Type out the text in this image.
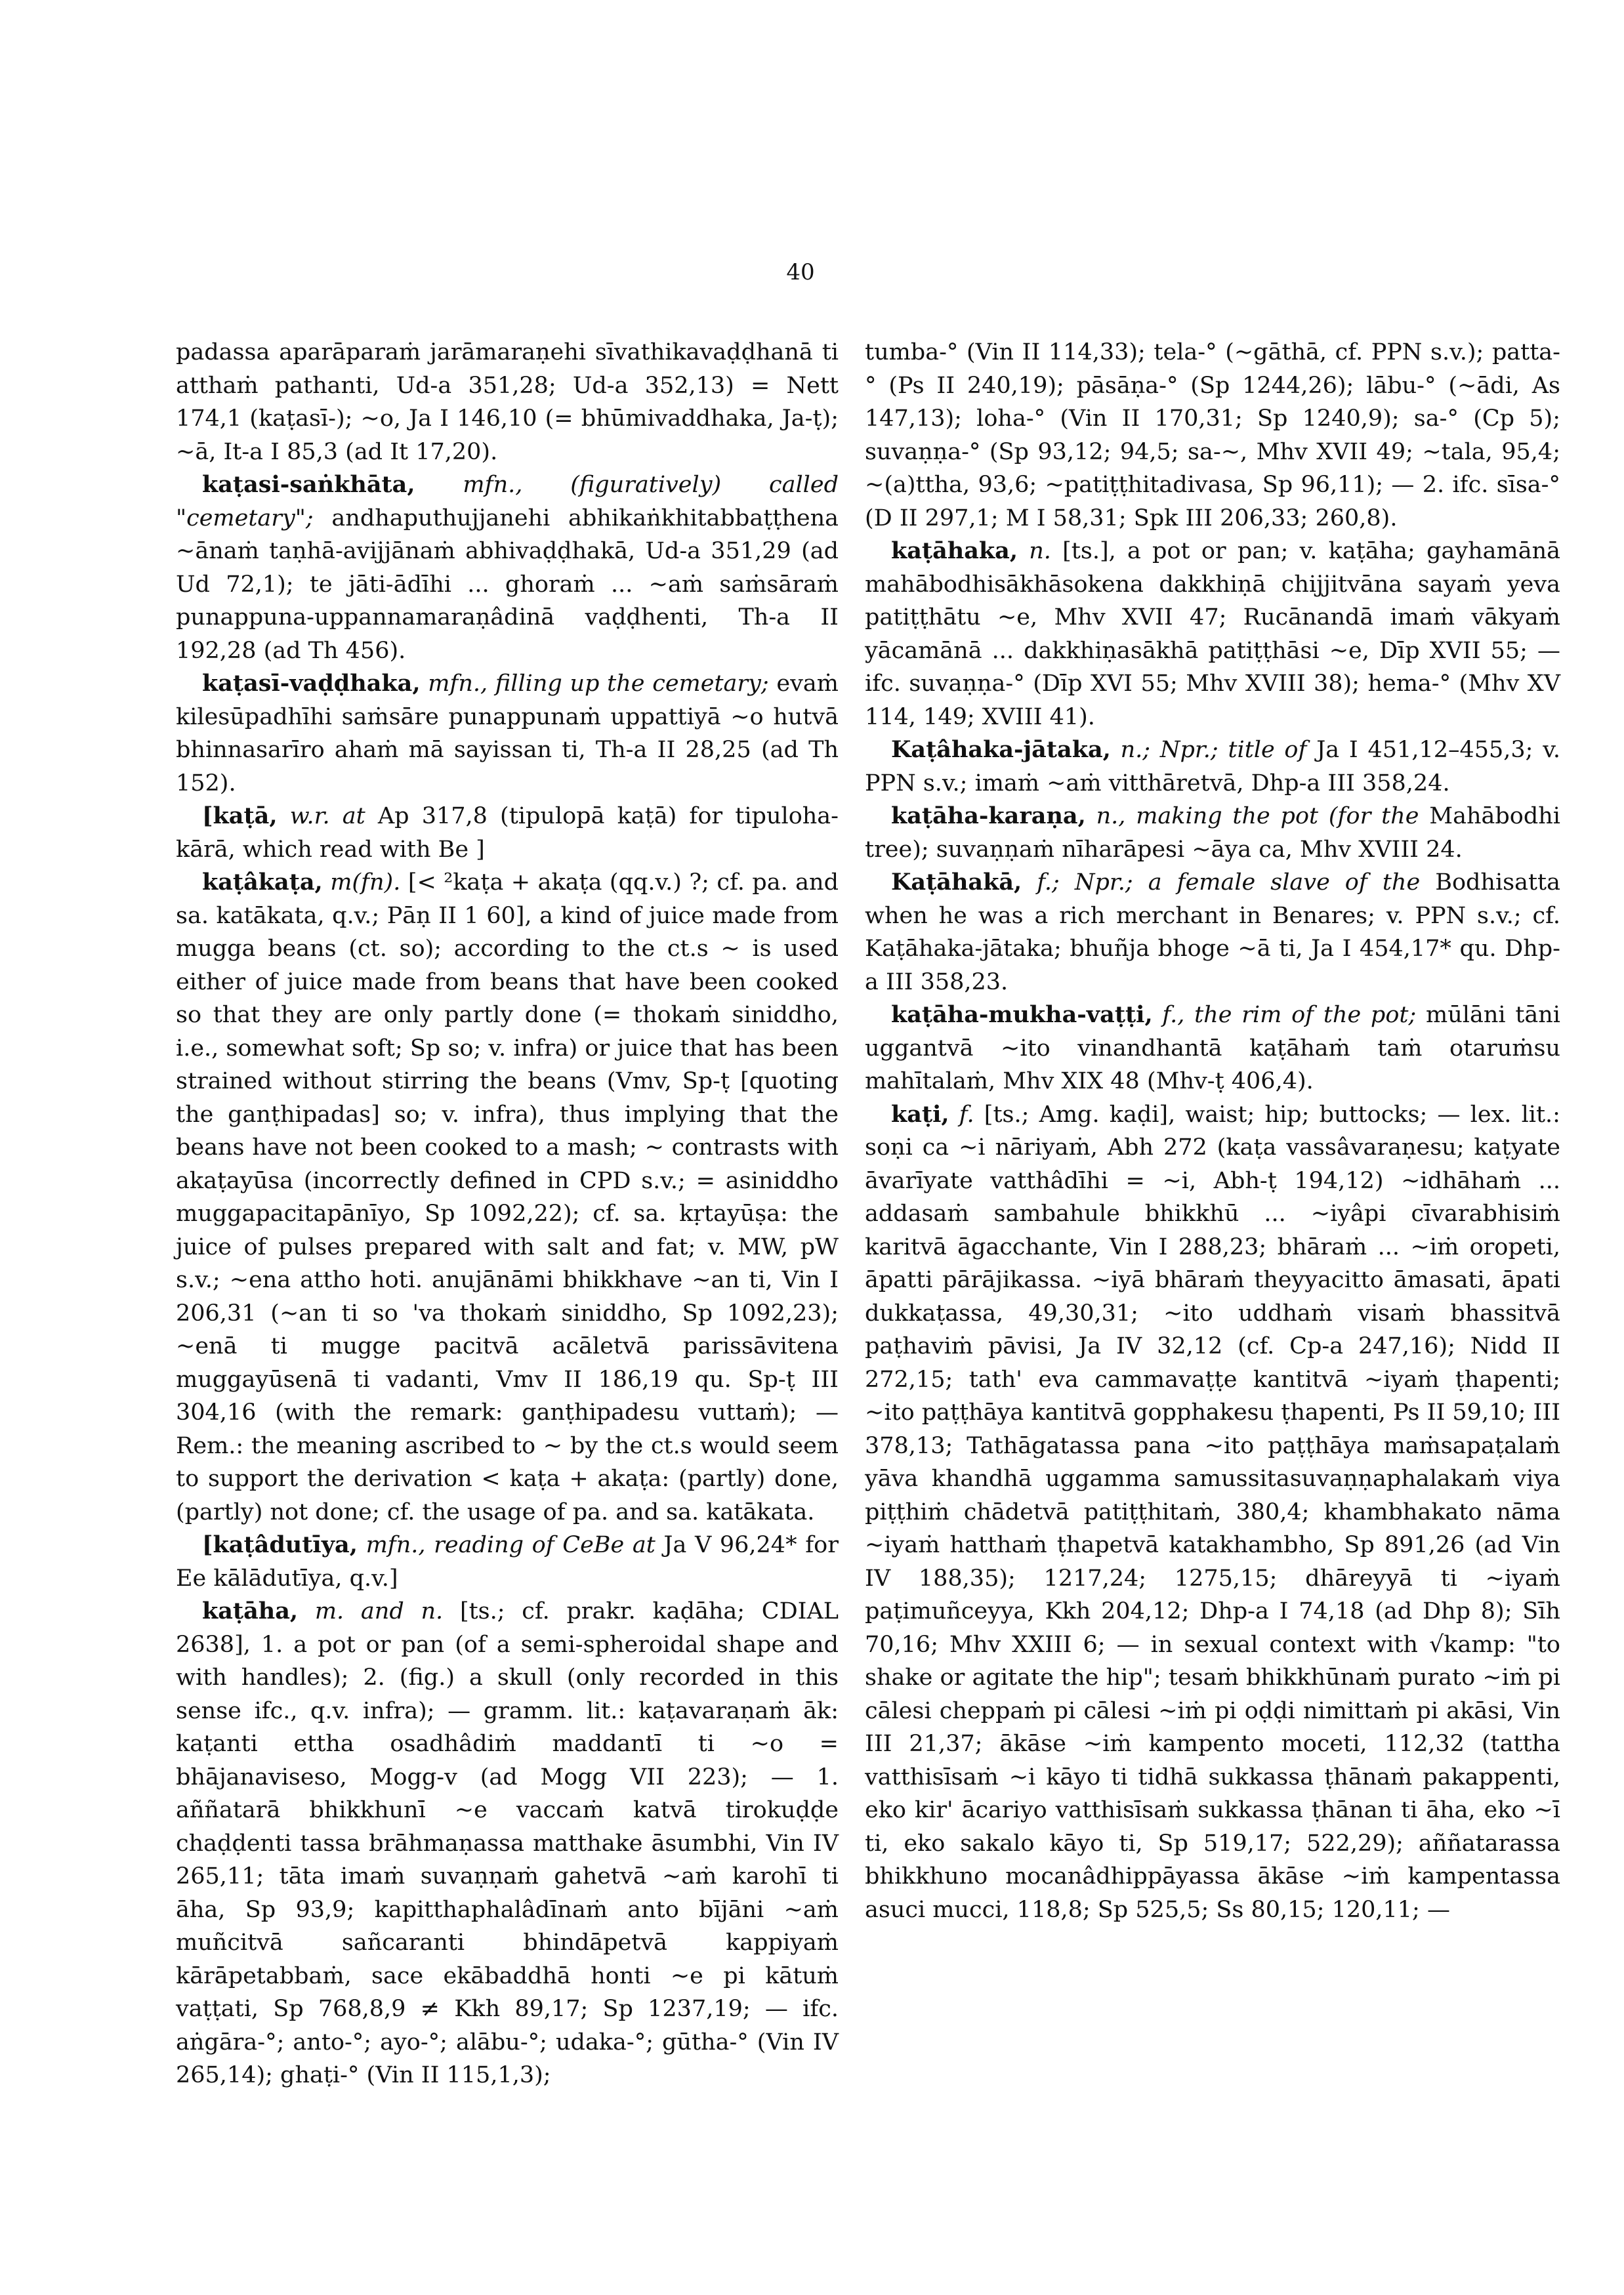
40

padassa aparāparaṁ jarāmaraṇehi sīvathikavaḍḍhanā ti atthaṁ pathanti, Ud-a 351,28; Ud-a 352,13) = Nett 174,1 (kaṭasī-); ~o, Ja I 146,10 (= bhūmivaddhaka, Ja-ṭ); ~ā, It-a I 85,3 (ad It 17,20).

kaṭasi-saṅkhāta, mfn., (figuratively) called "cemetary"; andhaputhujjanehi abhikaṅkhitabbaṭṭhena ~ānaṁ taṇhā-avijjānaṁ abhivaḍḍhakā, Ud-a 351,29 (ad Ud 72,1); te jāti-ādīhi ... ghoraṁ ... ~aṁ saṁsāraṁ punappuna-uppannamaraṇâdinā vaḍḍhenti, Th-a II 192,28 (ad Th 456).

kaṭasī-vaḍḍhaka, mfn., filling up the cemetary; evaṁ kilesūpadhīhi saṁsāre punappunaṁ uppattiyā ~o hutvā bhinnasarīro ahaṁ mā sayissan ti, Th-a II 28,25 (ad Th 152).

[kaṭā, w.r. at Ap 317,8 (tipulopā kaṭā) for tipuloha-kārā, which read with Be ]

kaṭâkaṭa, m(fn). [< ²kaṭa + akaṭa (qq.v.) ?; cf. pa. and sa. katākata, q.v.; Pāṇ II 1 60], a kind of juice made from mugga beans (ct. so); according to the ct.s ~ is used either of juice made from beans that have been cooked so that they are only partly done (= thokaṁ siniddho, i.e., somewhat soft; Sp so; v. infra) or juice that has been strained without stirring the beans (Vmv, Sp-ṭ [quoting the ganṭhipadas] so; v. infra), thus implying that the beans have not been cooked to a mash; ~ contrasts with akaṭayūsa (incorrectly defined in CPD s.v.; = asiniddho muggapacitapānīyo, Sp 1092,22); cf. sa. kṛtayūṣa: the juice of pulses prepared with salt and fat; v. MW, pW s.v.; ~ena attho hoti. anujānāmi bhikkhave ~an ti, Vin I 206,31 (~an ti so 'va thokaṁ siniddho, Sp 1092,23); ~enā ti mugge pacitvā acāletvā parissāvitena muggayūsenā ti vadanti, Vmv II 186,19 qu. Sp-ṭ III 304,16 (with the remark: ganṭhipadesu vuttaṁ); — Rem.: the meaning ascribed to ~ by the ct.s would seem to support the derivation < kaṭa + akaṭa: (partly) done, (partly) not done; cf. the usage of pa. and sa. katākata.

[kaṭâdutīya, mfn., reading of CeBe at Ja V 96,24* for Ee kālādutīya, q.v.]

kaṭāha, m. and n. [ts.; cf. prakr. kaḍāha; CDIAL 2638], 1. a pot or pan (of a semi-spheroidal shape and with handles); 2. (fig.) a skull (only recorded in this sense ifc., q.v. infra); — gramm. lit.: kaṭavaraṇaṁ āk: kaṭanti ettha osadhâdiṁ maddantī ti ~o = bhājanaviseso, Mogg-v (ad Mogg VII 223); — 1. aññatarā bhikkhunī ~e vaccaṁ katvā tirokuḍḍe chaḍḍenti tassa brāhmaṇassa matthake āsumbhi, Vin IV 265,11; tāta imaṁ suvaṇṇaṁ gahetvā ~aṁ karohī ti āha, Sp 93,9; kapitthaphalâdīnaṁ anto bījāni ~aṁ muñcitvā sañcaranti bhindāpetvā kappiyaṁ kārāpetabbaṁ, sace ekābaddhā honti ~e pi kātuṁ vaṭṭati, Sp 768,8,9 ≠ Kkh 89,17; Sp 1237,19; — ifc. aṅgāra-°; anto-°; ayo-°; alābu-°; udaka-°; gūtha-° (Vin IV 265,14); ghaṭi-° (Vin II 115,1,3);

tumba-° (Vin II 114,33); tela-° (~gāthā, cf. PPN s.v.); patta-° (Ps II 240,19); pāsāṇa-° (Sp 1244,26); lābu-° (~ādi, As 147,13); loha-° (Vin II 170,31; Sp 1240,9); sa-° (Cp 5); suvaṇṇa-° (Sp 93,12; 94,5; sa-~, Mhv XVII 49; ~tala, 95,4; ~(a)ttha, 93,6; ~patiṭṭhitadivasa, Sp 96,11); — 2. ifc. sīsa-° (D II 297,1; M I 58,31; Spk III 206,33; 260,8).

kaṭāhaka, n. [ts.], a pot or pan; v. kaṭāha; gayhamānā mahābodhisākhāsokena dakkhiṇā chijjitvāna sayaṁ yeva patiṭṭhātu ~e, Mhv XVII 47; Rucānandā imaṁ vākyaṁ yācamānā ... dakkhiṇasākhā patiṭṭhāsi ~e, Dīp XVII 55; — ifc. suvaṇṇa-° (Dīp XVI 55; Mhv XVIII 38); hema-° (Mhv XV 114, 149; XVIII 41).

Kaṭâhaka-jātaka, n.; Npr.; title of Ja I 451,12–455,3; v. PPN s.v.; imaṁ ~aṁ vitthāretvā, Dhp-a III 358,24.

kaṭāha-karaṇa, n., making the pot (for the Mahābodhi tree); suvaṇṇaṁ nīharāpesi ~āya ca, Mhv XVIII 24.

Kaṭāhakā, f.; Npr.; a female slave of the Bodhisatta when he was a rich merchant in Benares; v. PPN s.v.; cf. Kaṭāhaka-jātaka; bhuñja bhoge ~ā ti, Ja I 454,17* qu. Dhp-a III 358,23.

kaṭāha-mukha-vaṭṭi, f., the rim of the pot; mūlāni tāni uggantvā ~ito vinandhantā kaṭāhaṁ taṁ otaruṁsu mahītalaṁ, Mhv XIX 48 (Mhv-ṭ 406,4).

kaṭi, f. [ts.; Amg. kaḍi], waist; hip; buttocks; — lex. lit.: soṇi ca ~i nāriyaṁ, Abh 272 (kaṭa vassâvaraṇesu; kaṭyate āvarīyate vatthâdīhi = ~i, Abh-ṭ 194,12) ~idhāhaṁ ... addasaṁ sambahule bhikkhū ... ~iyâpi cīvarabhisiṁ karitvā āgacchante, Vin I 288,23; bhāraṁ ... ~iṁ oropeti, āpatti pārājikassa. ~iyā bhāraṁ theyyacitto āmasati, āpati dukkaṭassa, 49,30,31; ~ito uddhaṁ visaṁ bhassitvā paṭhaviṁ pāvisi, Ja IV 32,12 (cf. Cp-a 247,16); Nidd II 272,15; tath' eva cammavaṭṭe kantitvā ~iyaṁ ṭhapenti; ~ito paṭṭhāya kantitvā gopphakesu ṭhapenti, Ps II 59,10; III 378,13; Tathāgatassa pana ~ito paṭṭhāya maṁsapaṭalaṁ yāva khandhā uggamma samussitasuvaṇṇaphalakaṁ viya piṭṭhiṁ chādetvā patiṭṭhitaṁ, 380,4; khambhakato nāma ~iyaṁ hatthaṁ ṭhapetvā katakhambho, Sp 891,26 (ad Vin IV 188,35); 1217,24; 1275,15; dhāreyyā ti ~iyaṁ paṭimuñceyya, Kkh 204,12; Dhp-a I 74,18 (ad Dhp 8); Sīh 70,16; Mhv XXIII 6; — in sexual context with √kamp: "to shake or agitate the hip"; tesaṁ bhikkhūnaṁ purato ~iṁ pi cālesi cheppaṁ pi cālesi ~iṁ pi oḍḍi nimittaṁ pi akāsi, Vin III 21,37; ākāse ~iṁ kampento moceti, 112,32 (tattha vatthisīsaṁ ~i kāyo ti tidhā sukkassa ṭhānaṁ pakappenti, eko kir' ācariyo vatthisīsaṁ sukkassa ṭhānan ti āha, eko ~ī ti, eko sakalo kāyo ti, Sp 519,17; 522,29); aññatarassa bhikkhuno mocanâdhippāyassa ākāse ~iṁ kampentassa asuci mucci, 118,8; Sp 525,5; Ss 80,15; 120,11; —
